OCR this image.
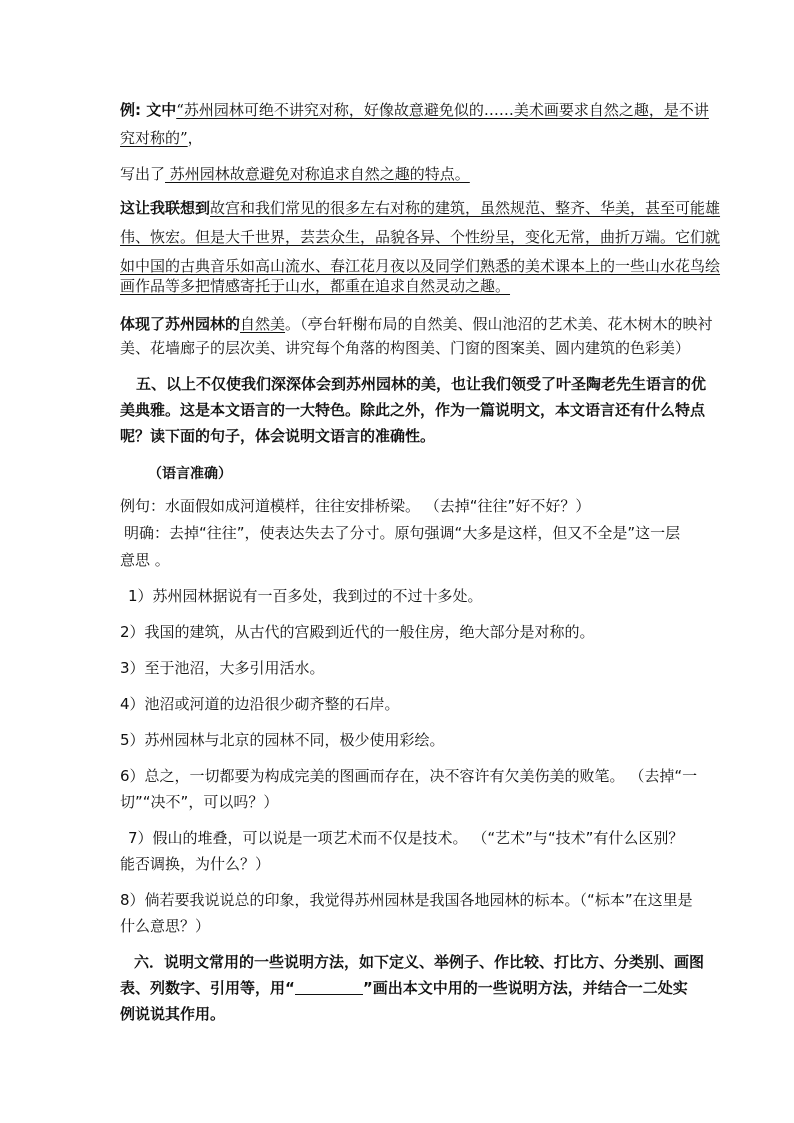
例: 文中“苏州园林可绝不讲究对称，好像故意避免似的……美术画要求自然之趣，是不讲
究对称的”，
写出了 苏州园林故意避免对称追求自然之趣的特点。
这让我联想到故宫和我们常见的很多左右对称的建筑，虽然规范、整齐、华美，甚至可能雄
伟、恢宏。但是大千世界，芸芸众生，品貌各异、个性纷呈，变化无常，曲折万端。它们就
如中国的古典音乐如高山流水、春江花月夜以及同学们熟悉的美术课本上的一些山水花鸟绘
画作品等多把情感寄托于山水，都重在追求自然灵动之趣。
体现了苏州园林的自然美。（亭台轩榭布局的自然美、假山池沼的艺术美、花木树木的映衬
美、花墙廊子的层次美、讲究每个角落的构图美、门窗的图案美、圆内建筑的色彩美）
五、以上不仅使我们深深体会到苏州园林的美，也让我们领受了叶圣陶老先生语言的优
美典雅。这是本文语言的一大特色。除此之外，作为一篇说明文，本文语言还有什么特点
呢？读下面的句子，体会说明文语言的准确性。
（语言准确）
例句：水面假如成河道模样，往往安排桥梁。 （去掉“往往”好不好？）
明确：去掉“往往”，使表达失去了分寸。原句强调“大多是这样，但又不全是”这一层
意思 。
1）苏州园林据说有一百多处，我到过的不过十多处。
2）我国的建筑，从古代的宫殿到近代的一般住房，绝大部分是对称的。
3）至于池沼，大多引用活水。
4）池沼或河道的边沿很少砌齐整的石岸。
5）苏州园林与北京的园林不同，极少使用彩绘。
6）总之，一切都要为构成完美的图画而存在，决不容许有欠美伤美的败笔。 （去掉“一
切”“决不”，可以吗？）
7）假山的堆叠，可以说是一项艺术而不仅是技术。 （“艺术”与“技术”有什么区别？
能否调换，为什么？）
8）倘若要我说说总的印象，我觉得苏州园林是我国各地园林的标本。（“标本”在这里是
什么意思？）
六．说明文常用的一些说明方法，如下定义、举例子、作比较、打比方、分类别、画图
表、列数字、引用等，用“	”画出本文中用的一些说明方法，并结合一二处实
例说说其作用。
